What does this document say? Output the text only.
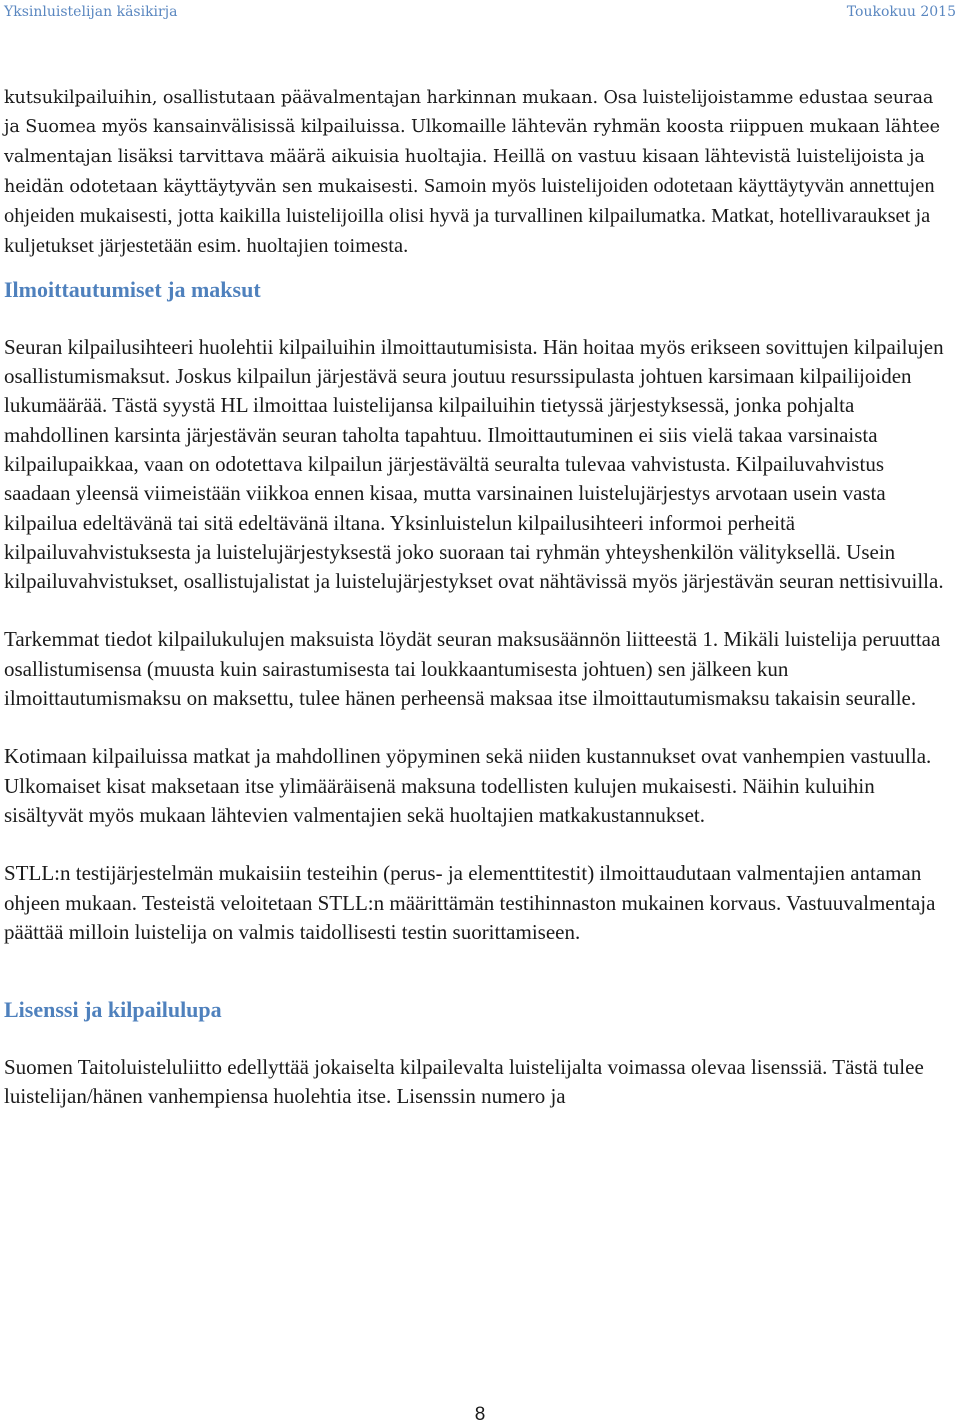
Yksinluistelijan käsikirja	Toukokuu 2015

kutsukilpailuihin, osallistutaan päävalmentajan harkinnan mukaan. Osa luistelijoistamme edustaa seuraa ja Suomea myös kansainvälisissä kilpailuissa. Ulkomaille lähtevän ryhmän koosta riippuen mukaan lähtee valmentajan lisäksi tarvittava määrä aikuisia huoltajia. Heillä on vastuu kisaan lähtevistä luistelijoista ja heidän odotetaan käyttäytyvän sen mukaisesti. Samoin myös luistelijoiden odotetaan käyttäytyvän annettujen ohjeiden mukaisesti, jotta kaikilla luistelijoilla olisi hyvä ja turvallinen kilpailumatka. Matkat, hotellivaraukset ja kuljetukset järjestetään esim. huoltajien toimesta.

Ilmoittautumiset ja maksut

Seuran kilpailusihteeri huolehtii kilpailuihin ilmoittautumisista. Hän hoitaa myös erikseen sovittujen kilpailujen osallistumismaksut. Joskus kilpailun järjestävä seura joutuu resurssipulasta johtuen karsimaan kilpailijoiden lukumäärää. Tästä syystä HL ilmoittaa luistelijansa kilpailuihin tietyssä järjestyksessä, jonka pohjalta mahdollinen karsinta järjestävän seuran taholta tapahtuu. Ilmoittautuminen ei siis vielä takaa varsinaista kilpailupaikkaa, vaan on odotettava kilpailun järjestävältä seuralta tulevaa vahvistusta. Kilpailuvahvistus saadaan yleensä viimeistään viikkoa ennen kisaa, mutta varsinainen luistelujärjestys arvotaan usein vasta kilpailua edeltävänä tai sitä edeltävänä iltana. Yksinluistelun kilpailusihteeri informoi perheitä kilpailuvahvistuksesta ja luistelujärjestyksestä joko suoraan tai ryhmän yhteyshenkilön välityksellä. Usein kilpailuvahvistukset, osallistujalistat ja luistelujärjestykset ovat nähtävissä myös järjestävän seuran nettisivuilla.

Tarkemmat tiedot kilpailukulujen maksuista löydät seuran maksusäännön liitteestä 1. Mikäli luistelija peruuttaa osallistumisensa (muusta kuin sairastumisesta tai loukkaantumisesta johtuen) sen jälkeen kun ilmoittautumismaksu on maksettu, tulee hänen perheensä maksaa itse ilmoittautumismaksu takaisin seuralle.

Kotimaan kilpailuissa matkat ja mahdollinen yöpyminen sekä niiden kustannukset ovat vanhempien vastuulla. Ulkomaiset kisat maksetaan itse ylimääräisenä maksuna todellisten kulujen mukaisesti. Näihin kuluihin sisältyvät myös mukaan lähtevien valmentajien sekä huoltajien matkakustannukset.

STLL:n testijärjestelmän mukaisiin testeihin (perus- ja elementtitestit) ilmoittaudutaan valmentajien antaman ohjeen mukaan. Testeistä veloitetaan STLL:n määrittämän testihinnaston mukainen korvaus. Vastuuvalmentaja päättää milloin luistelija on valmis taidollisesti testin suorittamiseen.

Lisenssi ja kilpailulupa

Suomen Taitoluisteluliitto edellyttää jokaiselta kilpailevalta luistelijalta voimassa olevaa lisenssiä. Tästä tulee luistelijan/hänen vanhempiensa huolehtia itse. Lisenssin numero ja

8
